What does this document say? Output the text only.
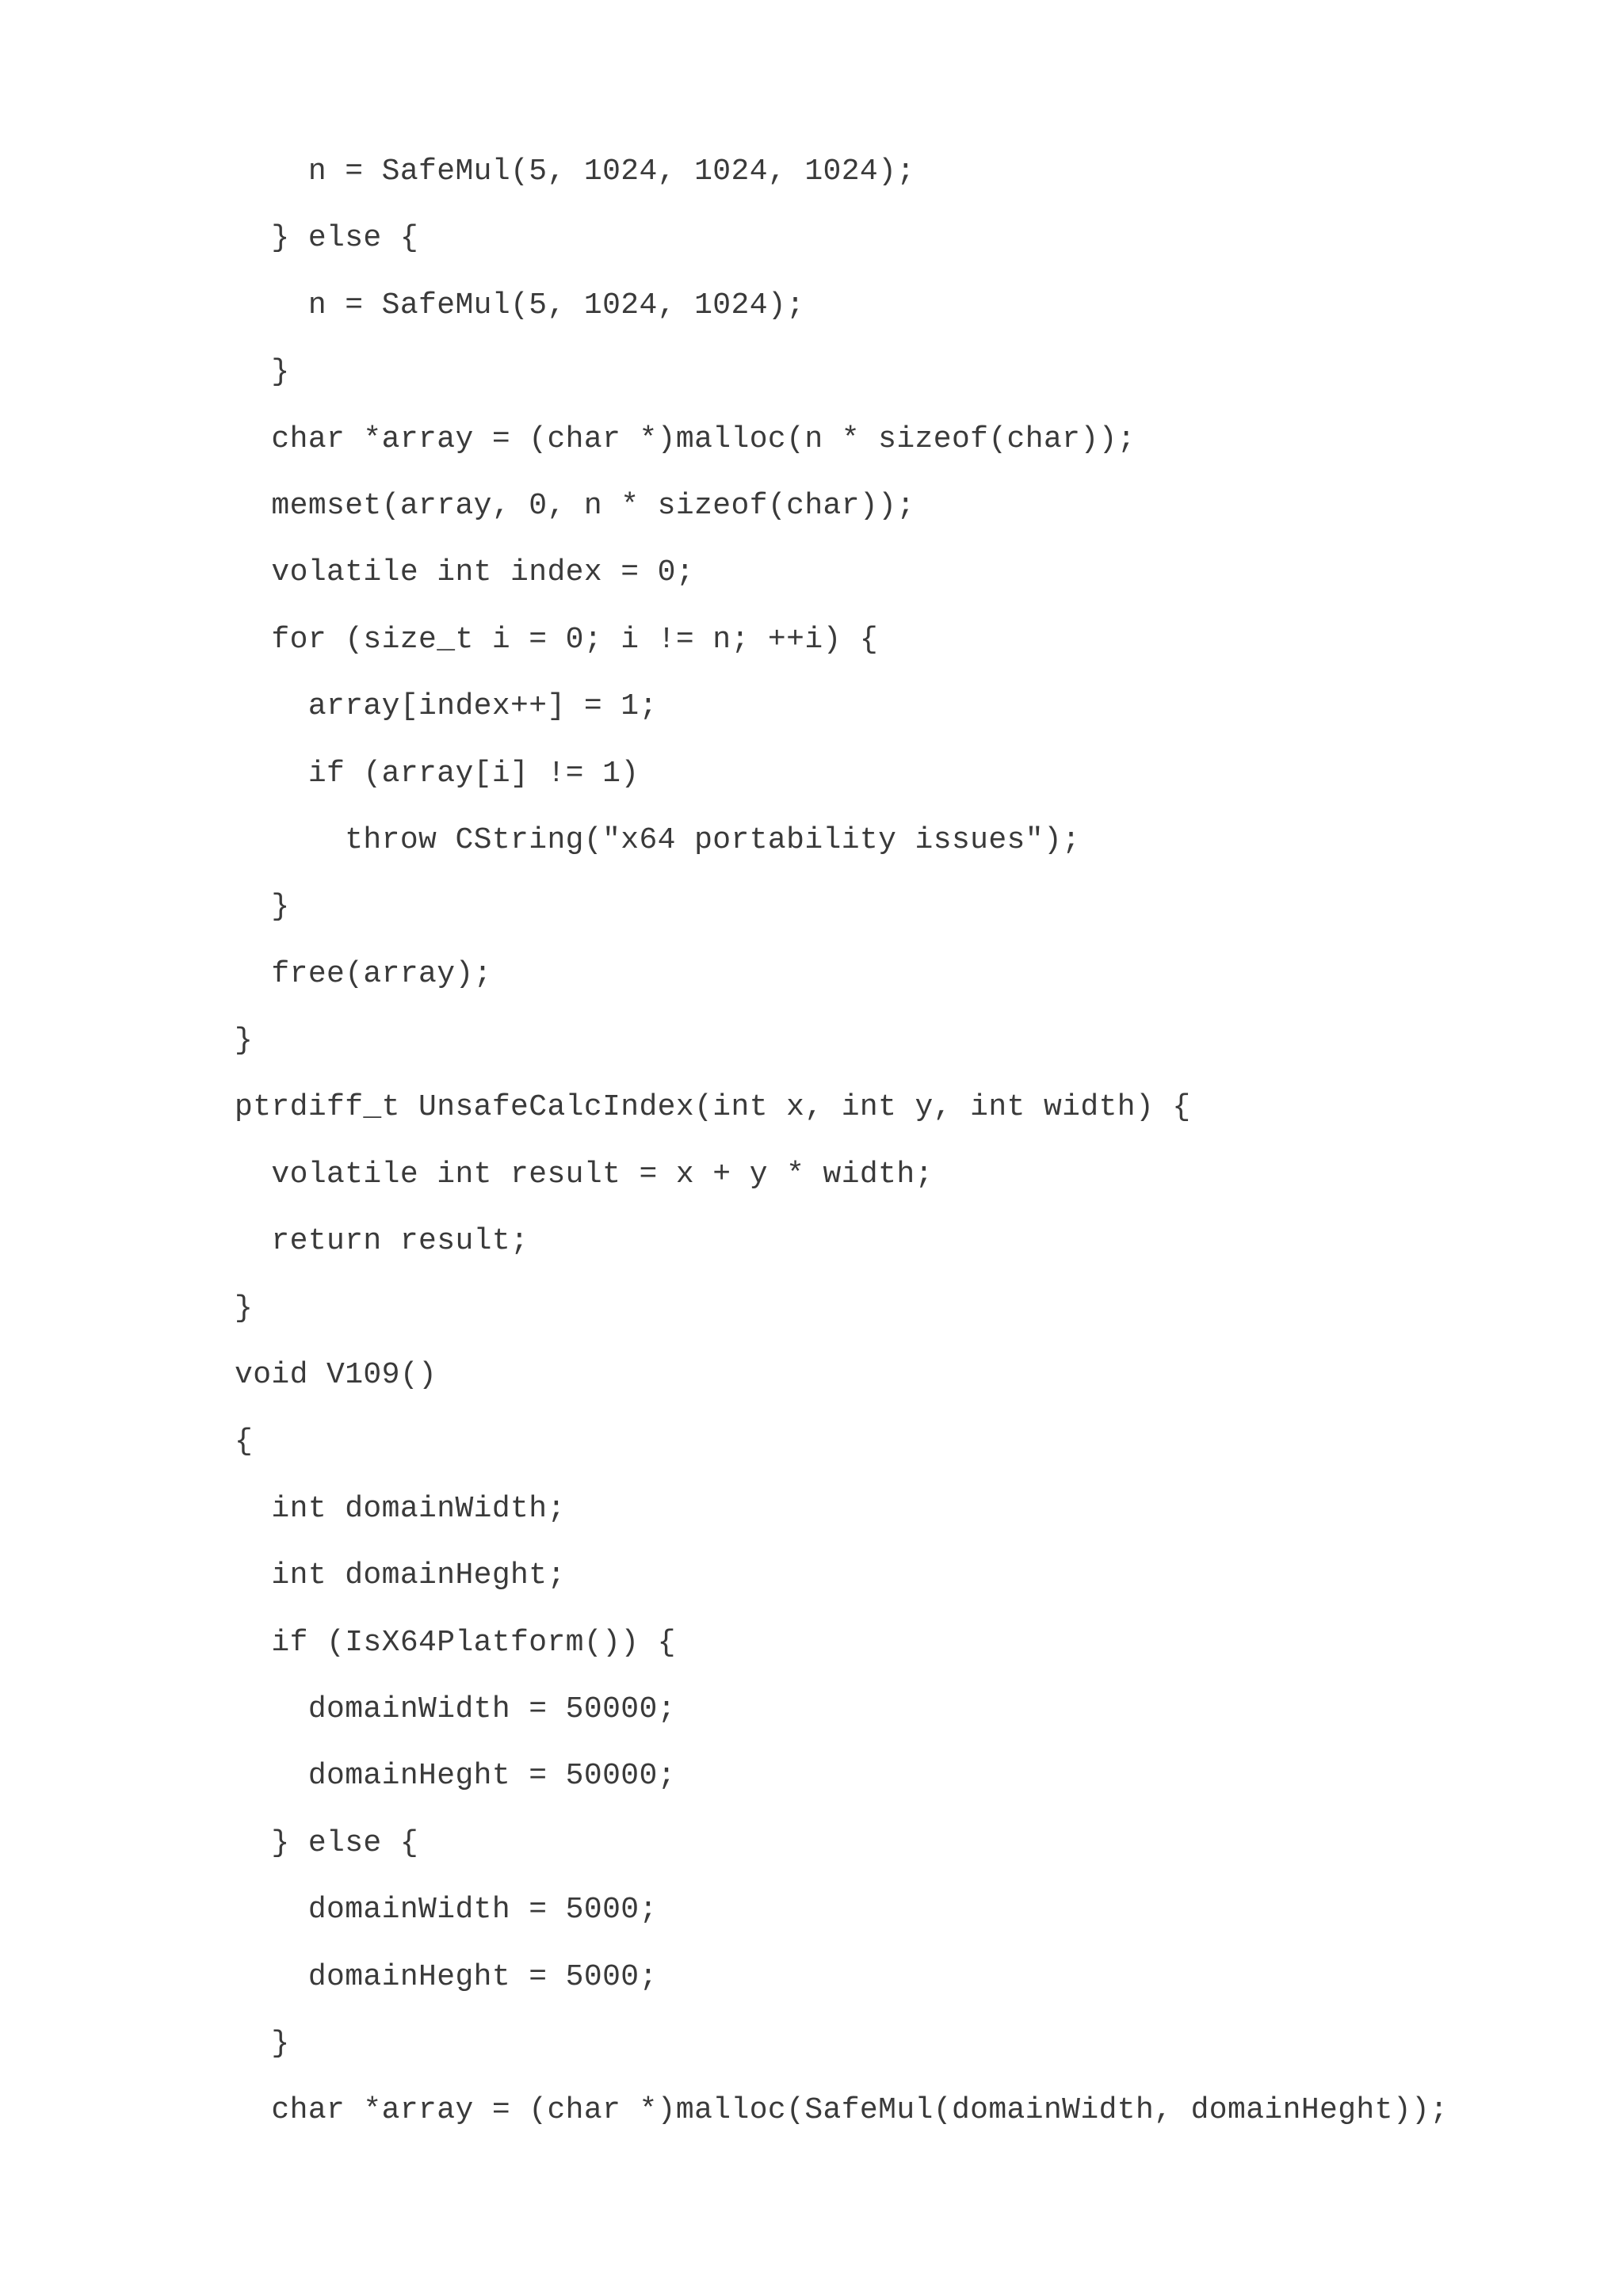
n = SafeMul(5, 1024, 1024, 1024);
} else {
n = SafeMul(5, 1024, 1024);
}
char *array = (char *)malloc(n * sizeof(char));
memset(array, 0, n * sizeof(char));
volatile int index = 0;
for (size_t i = 0; i != n; ++i) {
array[index++] = 1;
if (array[i] != 1)
throw CString("x64 portability issues");
}
free(array);
}
ptrdiff_t UnsafeCalcIndex(int x, int y, int width) {
volatile int result = x + y * width;
return result;
}
void V109()
{
int domainWidth;
int domainHeght;
if (IsX64Platform()) {
domainWidth = 50000;
domainHeght = 50000;
} else {
domainWidth = 5000;
domainHeght = 5000;
}
char *array = (char *)malloc(SafeMul(domainWidth, domainHeght));
